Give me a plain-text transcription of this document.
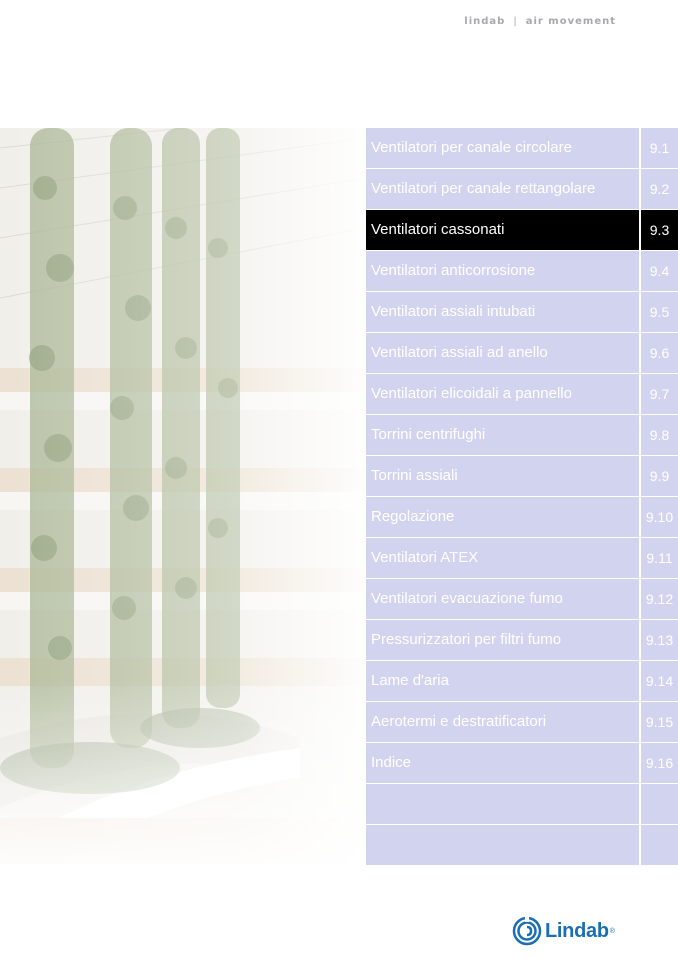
lindab | air movement
Ventilatori per canale circolare	9.1
Ventilatori per canale rettangolare	9.2
Ventilatori cassonati	9.3
Ventilatori anticorrosione	9.4
Ventilatori assiali intubati	9.5
Ventilatori assiali ad anello	9.6
Ventilatori elicoidali a pannello	9.7
Torrini centrifughi	9.8
Torrini assiali	9.9
Regolazione	9.10
Ventilatori ATEX	9.11
Ventilatori evacuazione fumo	9.12
Pressurizzatori per filtri fumo	9.13
Lame d'aria	9.14
Aerotermi e destratificatori	9.15
Indice	9.16
Lindab ®
